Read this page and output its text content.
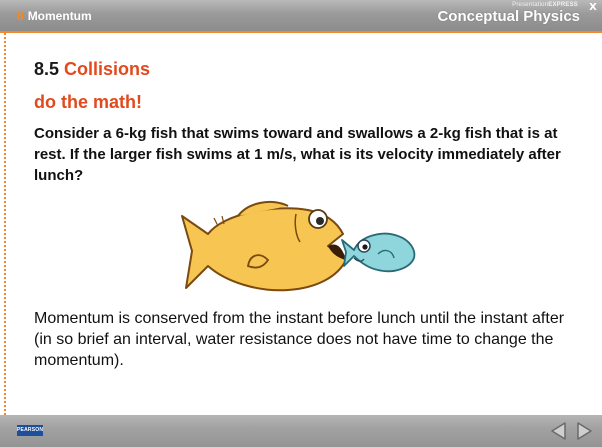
8 Momentum
PresentationEXPRESS
Conceptual Physics
X
8.5 Collisions
do the math!
Consider a 6-kg fish that swims toward and swallows a 2-kg fish that is at rest. If the larger fish swims at 1 m/s, what is its velocity immediately after lunch?
Momentum is conserved from the instant before lunch until the instant after (in so brief an interval, water resistance does not have time to change the momentum).
PEARSON
